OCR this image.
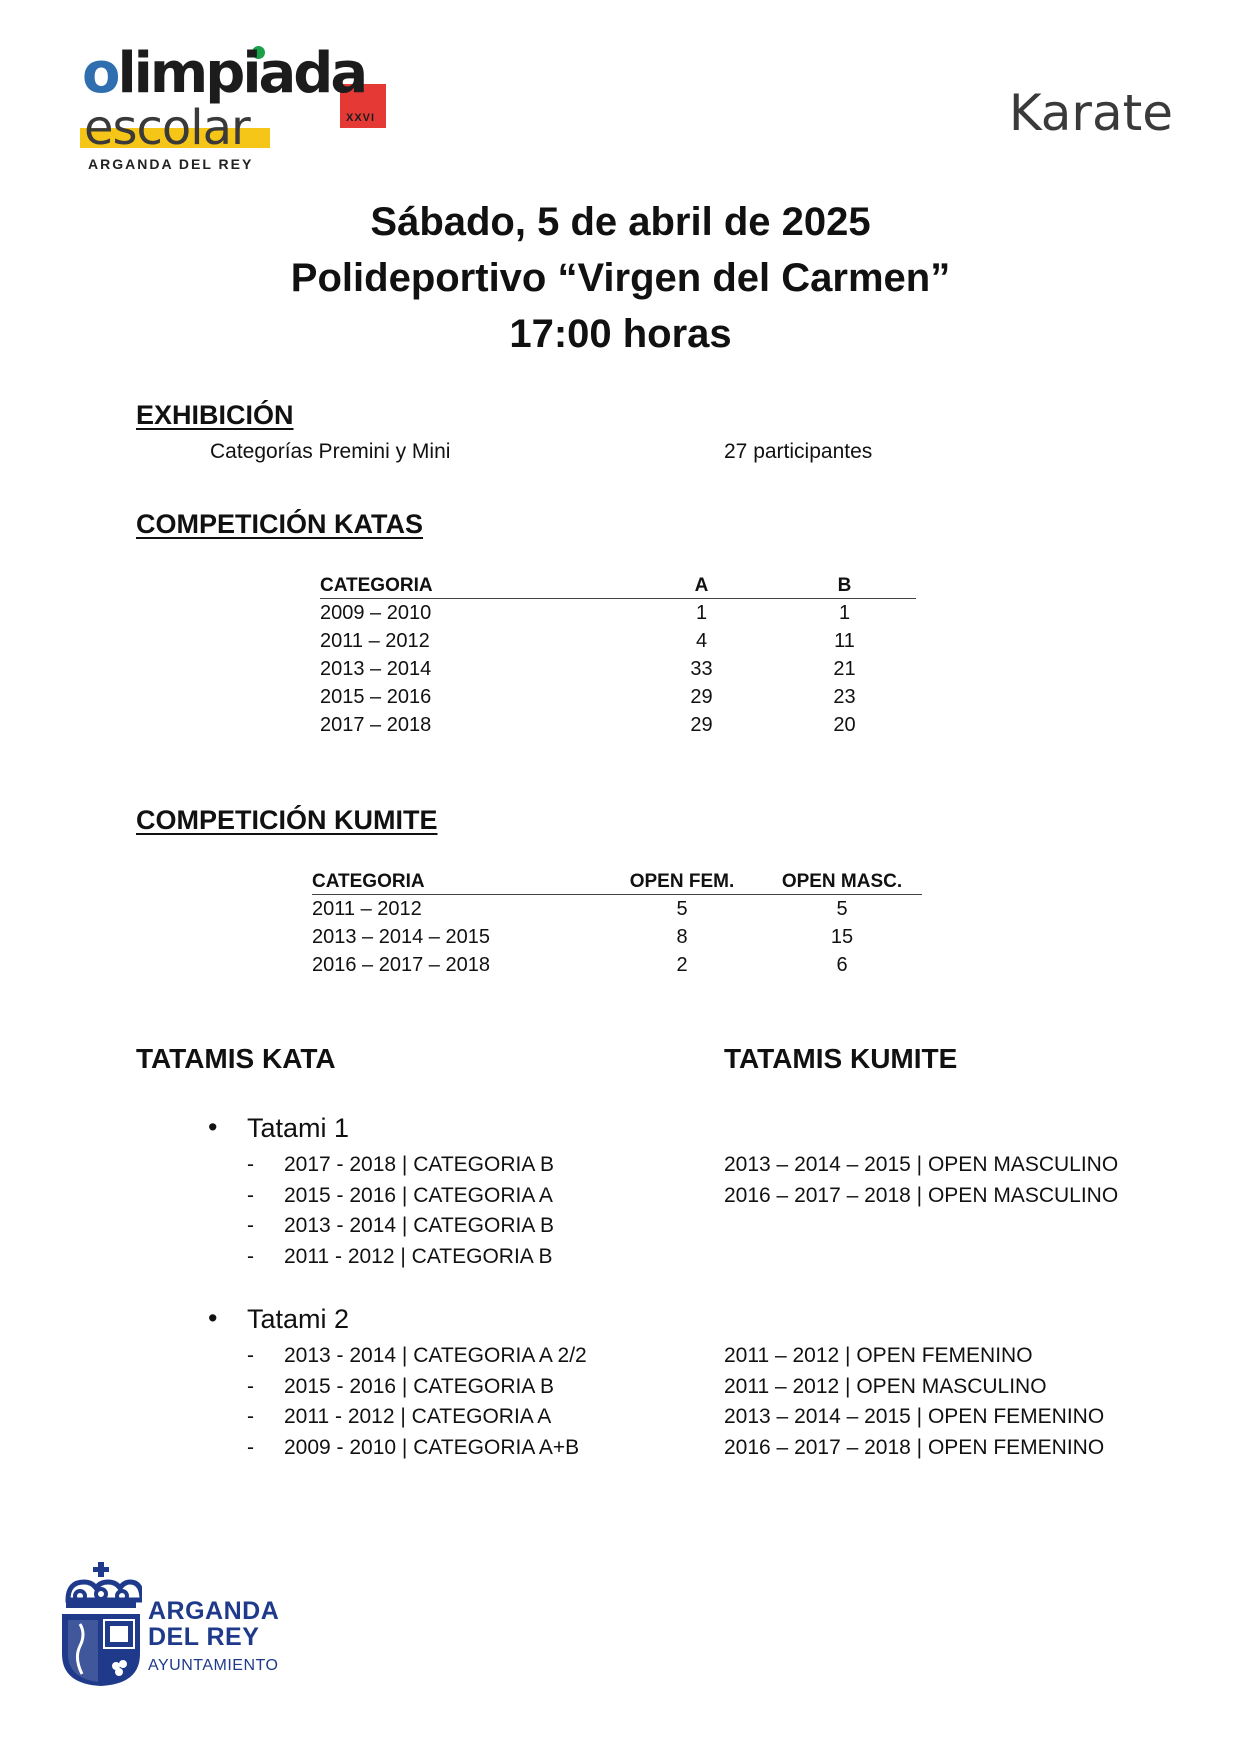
olimpiada
escolar	XXVI
ARGANDA DEL REY
Karate
Sábado, 5 de abril de 2025
Polideportivo “Virgen del Carmen”
17:00 horas
EXHIBICIÓN
Categorías Premini y Mini	27 participantes
COMPETICIÓN KATAS
CATEGORIA	A	B
2009 – 2010	1	1
2011 – 2012	4	11
2013 – 2014	33	21
2015 – 2016	29	23
2017 – 2018	29	20
COMPETICIÓN KUMITE
CATEGORIA	OPEN FEM.	OPEN MASC.
2011 – 2012	5	5
2013 – 2014 – 2015	8	15
2016 – 2017 – 2018	2	6
TATAMIS KATA	TATAMIS KUMITE
• Tatami 1
- 2017 - 2018 | CATEGORIA B
- 2015 - 2016 | CATEGORIA A
- 2013 - 2014 | CATEGORIA B
- 2011 - 2012 | CATEGORIA B
2013 – 2014 – 2015 | OPEN MASCULINO
2016 – 2017 – 2018 | OPEN MASCULINO
• Tatami 2
- 2013 - 2014 | CATEGORIA A 2/2
- 2015 - 2016 | CATEGORIA B
- 2011 - 2012 | CATEGORIA A
- 2009 - 2010 | CATEGORIA A+B
2011 – 2012 | OPEN FEMENINO
2011 – 2012 | OPEN MASCULINO
2013 – 2014 – 2015 | OPEN FEMENINO
2016 – 2017 – 2018 | OPEN FEMENINO
ARGANDA
DEL REY
AYUNTAMIENTO
